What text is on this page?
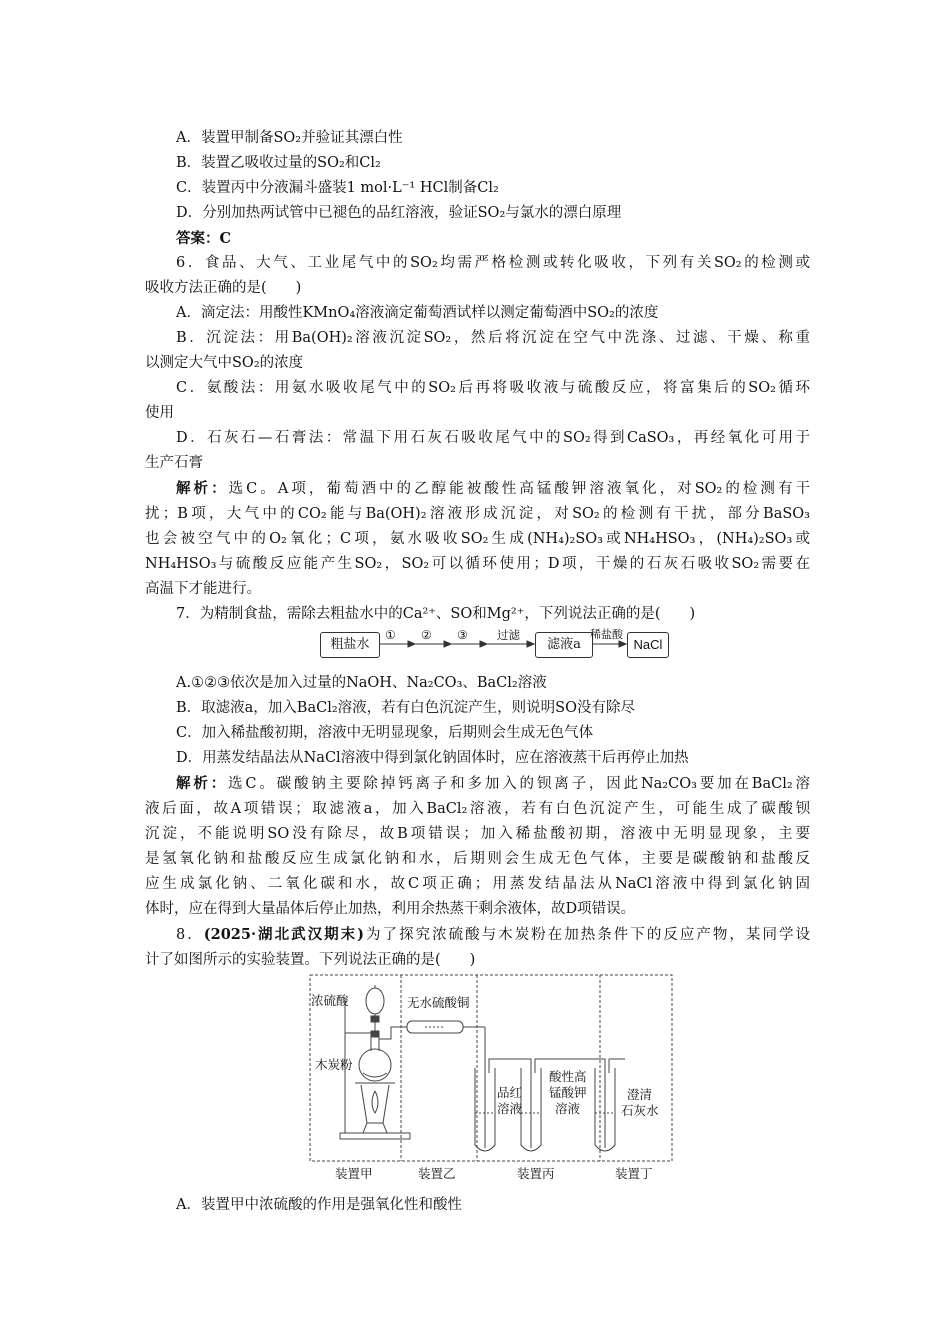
A．装置甲制备SO₂并验证其漂白性
B．装置乙吸收过量的SO₂和Cl₂
C．装置丙中分液漏斗盛装1 mol·L⁻¹ HCl制备Cl₂
D．分别加热两试管中已褪色的品红溶液，验证SO₂与氯水的漂白原理
答案：C
6．食品、大气、工业尾气中的SO₂均需严格检测或转化吸收，下列有关SO₂的检测或
吸收方法正确的是(　　)
A．滴定法：用酸性KMnO₄溶液滴定葡萄酒试样以测定葡萄酒中SO₂的浓度
B．沉淀法：用Ba(OH)₂溶液沉淀SO₂，然后将沉淀在空气中洗涤、过滤、干燥、称重
以测定大气中SO₂的浓度
C．氨酸法：用氨水吸收尾气中的SO₂后再将吸收液与硫酸反应，将富集后的SO₂循环
使用
D．石灰石—石膏法：常温下用石灰石吸收尾气中的SO₂得到CaSO₃，再经氧化可用于
生产石膏
解析：选C。A项，葡萄酒中的乙醇能被酸性高锰酸钾溶液氧化，对SO₂的检测有干
扰；B项，大气中的CO₂能与Ba(OH)₂溶液形成沉淀，对SO₂的检测有干扰，部分BaSO₃
也会被空气中的O₂氧化；C项，氨水吸收SO₂生成(NH₄)₂SO₃或NH₄HSO₃，(NH₄)₂SO₃或
NH₄HSO₃与硫酸反应能产生SO₂，SO₂可以循环使用；D项，干燥的石灰石吸收SO₂需要在
高温下才能进行。
7．为精制食盐，需除去粗盐水中的Ca²⁺、SO和Mg²⁺，下列说法正确的是(　　)
粗盐水
① ② ③	过滤
滤液a
稀盐酸
NaCl
A.①②③依次是加入过量的NaOH、Na₂CO₃、BaCl₂溶液
B．取滤液a，加入BaCl₂溶液，若有白色沉淀产生，则说明SO没有除尽
C．加入稀盐酸初期，溶液中无明显现象，后期则会生成无色气体
D．用蒸发结晶法从NaCl溶液中得到氯化钠固体时，应在溶液蒸干后再停止加热
解析：选C。碳酸钠主要除掉钙离子和多加入的钡离子，因此Na₂CO₃要加在BaCl₂溶
液后面，故A项错误；取滤液a，加入BaCl₂溶液，若有白色沉淀产生，可能生成了碳酸钡
沉淀，不能说明SO没有除尽，故B项错误；加入稀盐酸初期，溶液中无明显现象，主要
是氢氧化钠和盐酸反应生成氯化钠和水，后期则会生成无色气体，主要是碳酸钠和盐酸反
应生成氯化钠、二氧化碳和水，故C项正确；用蒸发结晶法从NaCl溶液中得到氯化钠固
体时，应在得到大量晶体后停止加热，利用余热蒸干剩余液体，故D项错误。
8．(2025·湖北武汉期末)为了探究浓硫酸与木炭粉在加热条件下的反应产物，某同学设
计了如图所示的实验装置。下列说法正确的是(　　)
浓硫酸
木炭粉
无水硫酸铜
品红
溶液
酸性高
锰酸钾
溶液
澄清
石灰水
装置甲	装置乙	装置丙	装置丁
A．装置甲中浓硫酸的作用是强氧化性和酸性
